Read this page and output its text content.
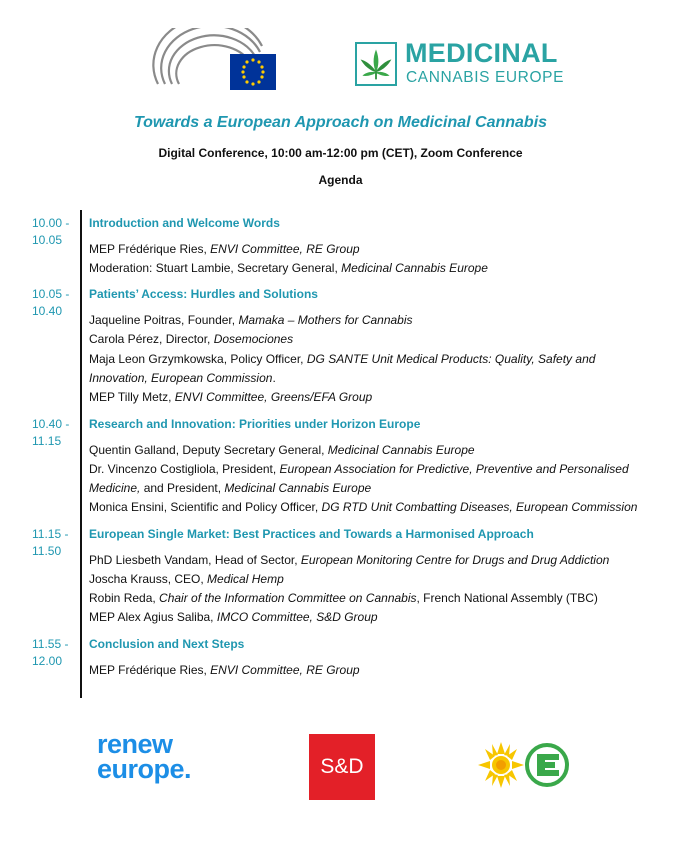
MEDICINAL
CANNABIS EUROPE
Towards a European Approach on Medicinal Cannabis
Digital Conference, 10:00 am-12:00 pm (CET), Zoom Conference
Agenda
10.00 -
10.05
Introduction and Welcome Words
MEP Frédérique Ries, ENVI Committee, RE Group
Moderation: Stuart Lambie, Secretary General, Medicinal Cannabis Europe
10.05 -
10.40
Patients’ Access: Hurdles and Solutions
Jaqueline Poitras, Founder, Mamaka – Mothers for Cannabis
Carola Pérez, Director, Dosemociones
Maja Leon Grzymkowska, Policy Officer, DG SANTE Unit Medical Products: Quality, Safety and
Innovation, European Commission.
MEP Tilly Metz, ENVI Committee, Greens/EFA Group
10.40 -
11.15
Research and Innovation: Priorities under Horizon Europe
Quentin Galland, Deputy Secretary General, Medicinal Cannabis Europe
Dr. Vincenzo Costigliola, President, European Association for Predictive, Preventive and Personalised
Medicine, and President, Medicinal Cannabis Europe
Monica Ensini, Scientific and Policy Officer, DG RTD Unit Combatting Diseases, European Commission
11.15 -
11.50
European Single Market: Best Practices and Towards a Harmonised Approach
PhD Liesbeth Vandam, Head of Sector, European Monitoring Centre for Drugs and Drug Addiction
Joscha Krauss, CEO, Medical Hemp
Robin Reda, Chair of the Information Committee on Cannabis, French National Assembly (TBC)
MEP Alex Agius Saliba, IMCO Committee, S&D Group
11.55 -
12.00
Conclusion and Next Steps
MEP Frédérique Ries, ENVI Committee, RE Group
renew
europe.	S&D
